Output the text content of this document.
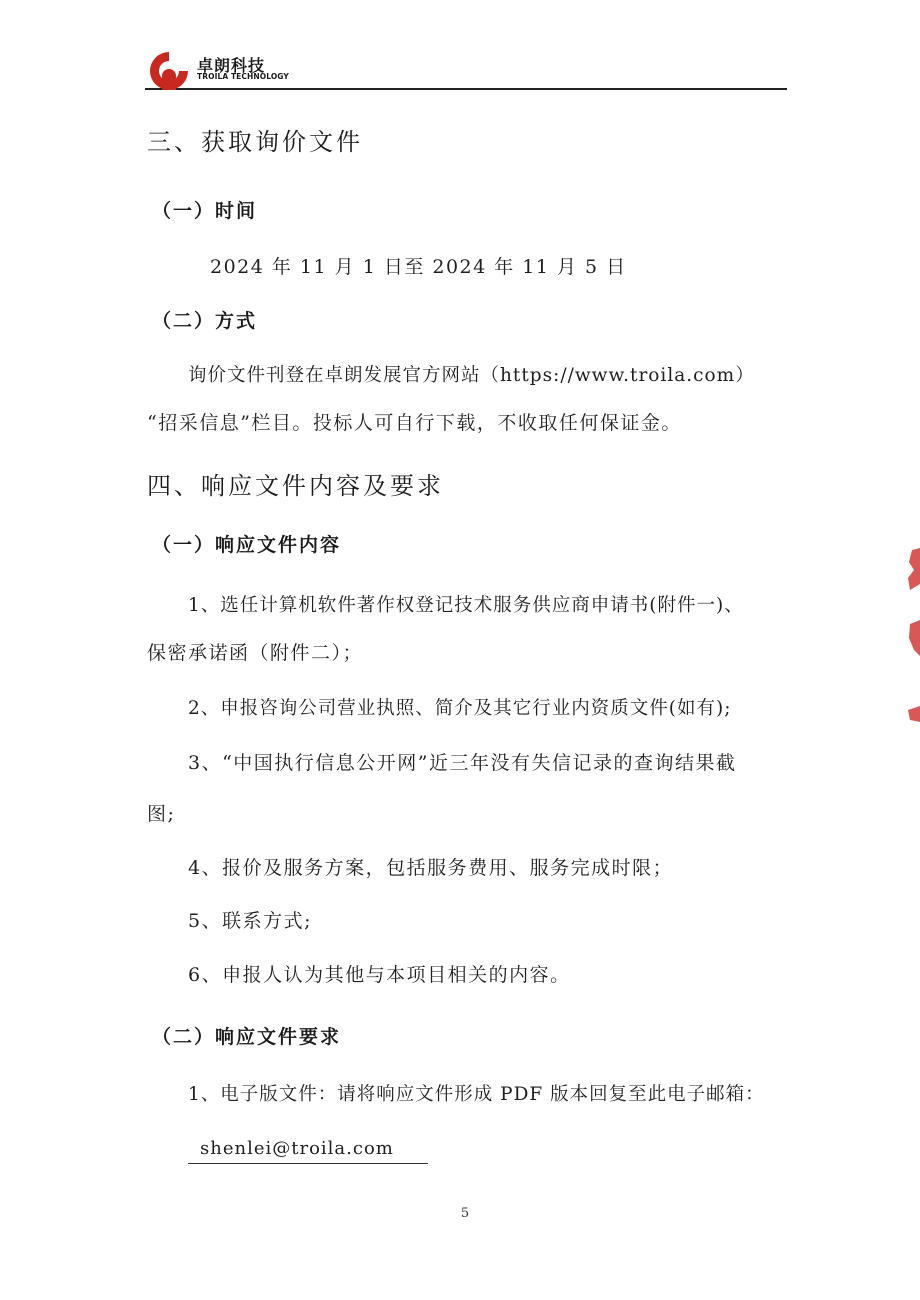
卓朗科技
TROILA TECHNOLOGY
三、获取询价文件
（一）时间
2024 年 11 月 1 日至 2024 年 11 月 5 日
（二）方式
询价文件刊登在卓朗发展官方网站（https://www.troila.com）
“招采信息”栏目。投标人可自行下载，不收取任何保证金。
四、响应文件内容及要求
（一）响应文件内容
1、选任计算机软件著作权登记技术服务供应商申请书(附件一)、
保密承诺函（附件二）；
2、申报咨询公司营业执照、简介及其它行业内资质文件(如有);
3、“中国执行信息公开网”近三年没有失信记录的查询结果截
图;
4、报价及服务方案，包括服务费用、服务完成时限；
5、联系方式;
6、申报人认为其他与本项目相关的内容。
（二）响应文件要求
1、电子版文件：请将响应文件形成 PDF 版本回复至此电子邮箱：
shenlei@troila.com
5
